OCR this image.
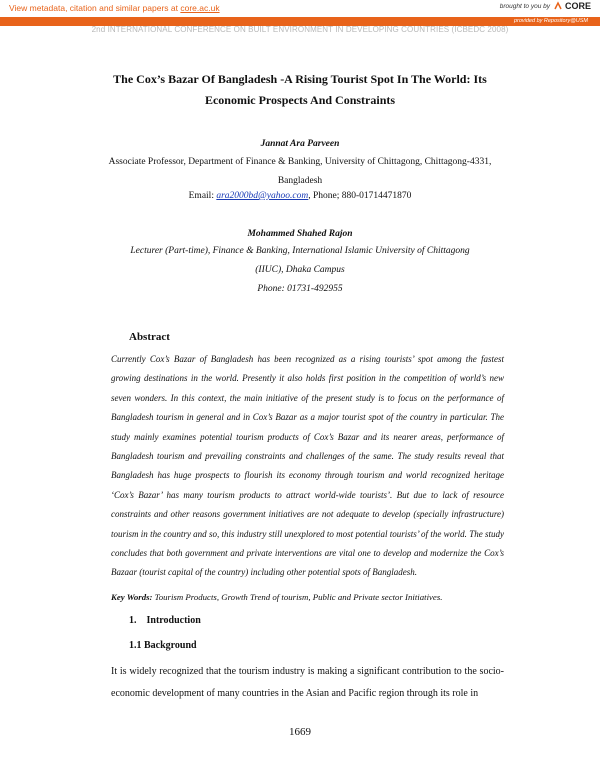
View metadata, citation and similar papers at core.ac.uk	brought to you by CORE
provided by Repository@USM
2nd INTERNATIONAL CONFERENCE ON BUILT ENVIRONMENT IN DEVELOPING COUNTRIES (ICBEDC 2008)
The Cox’s Bazar Of Bangladesh -A Rising Tourist Spot In The World: Its
Economic Prospects And Constraints
Jannat Ara Parveen
Associate Professor, Department of Finance & Banking, University of Chittagong, Chittagong-4331,
Bangladesh
Email: ara2000bd@yahoo.com, Phone; 880-01714471870
Mohammed Shahed Rajon
Lecturer (Part-time), Finance & Banking, International Islamic University of Chittagong
(IIUC), Dhaka Campus
Phone: 01731-492955
Abstract
Currently Cox’s Bazar of Bangladesh has been recognized as a rising tourists’ spot among the fastest growing destinations in the world. Presently it also holds first position in the competition of world’s new seven wonders. In this context, the main initiative of the present study is to focus on the performance of Bangladesh tourism in general and in Cox’s Bazar as a major tourist spot of the country in particular. The study mainly examines potential tourism products of Cox’s Bazar and its nearer areas, performance of Bangladesh tourism and prevailing constraints and challenges of the same. The study results reveal that Bangladesh has huge prospects to flourish its economy through tourism and world recognized heritage ‘Cox’s Bazar’ has many tourism products to attract world-wide tourists’. But due to lack of resource constraints and other reasons government initiatives are not adequate to develop (specially infrastructure) tourism in the country and so, this industry still unexplored to most potential tourists’ of the world. The study concludes that both government and private interventions are vital one to develop and modernize the Cox’s Bazaar (tourist capital of the country) including other potential spots of Bangladesh.
Key Words: Tourism Products, Growth Trend of tourism, Public and Private sector Initiatives.
1.    Introduction
1.1 Background
It is widely recognized that the tourism industry is making a significant contribution to the socio-economic development of many countries in the Asian and Pacific region through its role in
1669
